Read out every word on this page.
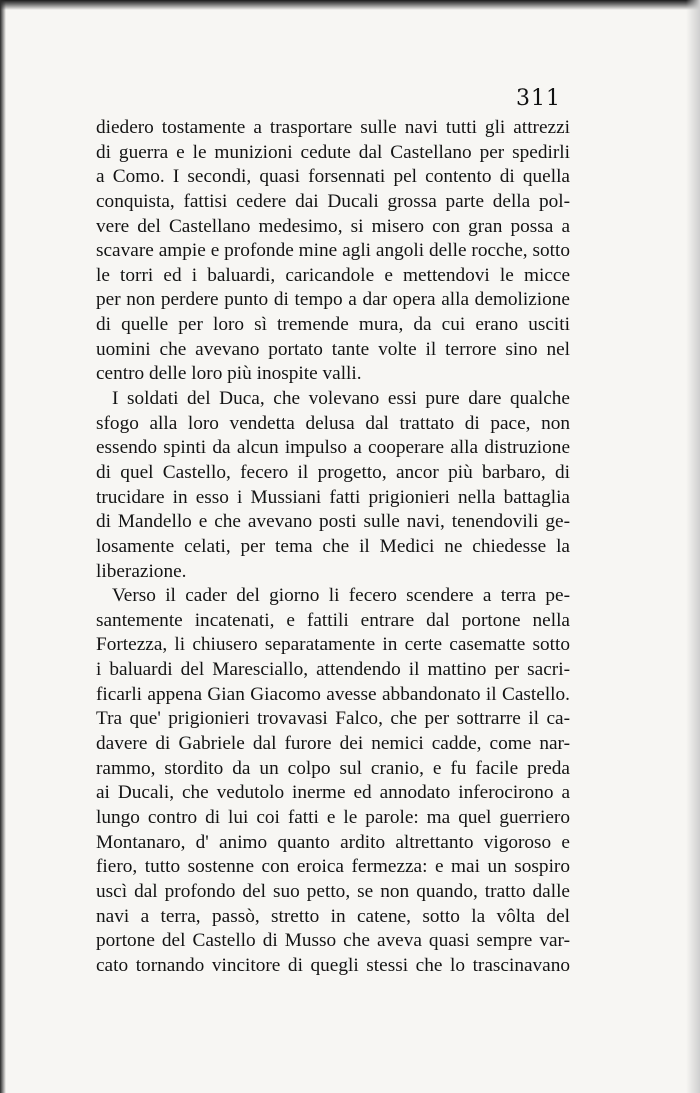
311
diedero tostamente a trasportare sulle navi tutti gli attrezzi
di guerra e le munizioni cedute dal Castellano per spedirli
a Como. I secondi, quasi forsennati pel contento di quella
conquista, fattisi cedere dai Ducali grossa parte della pol-
vere del Castellano medesimo, si misero con gran possa a
scavare ampie e profonde mine agli angoli delle rocche, sotto
le torri ed i baluardi, caricandole e mettendovi le micce
per non perdere punto di tempo a dar opera alla demolizione
di quelle per loro sì tremende mura, da cui erano usciti
uomini che avevano portato tante volte il terrore sino nel
centro delle loro più inospite valli.
I soldati del Duca, che volevano essi pure dare qualche
sfogo alla loro vendetta delusa dal trattato di pace, non
essendo spinti da alcun impulso a cooperare alla distruzione
di quel Castello, fecero il progetto, ancor più barbaro, di
trucidare in esso i Mussiani fatti prigionieri nella battaglia
di Mandello e che avevano posti sulle navi, tenendovili ge-
losamente celati, per tema che il Medici ne chiedesse la
liberazione.
Verso il cader del giorno li fecero scendere a terra pe-
santemente incatenati, e fattili entrare dal portone nella
Fortezza, li chiusero separatamente in certe casematte sotto
i baluardi del Maresciallo, attendendo il mattino per sacri-
ficarli appena Gian Giacomo avesse abbandonato il Castello.
Tra que' prigionieri trovavasi Falco, che per sottrarre il ca-
davere di Gabriele dal furore dei nemici cadde, come nar-
rammo, stordito da un colpo sul cranio, e fu facile preda
ai Ducali, che vedutolo inerme ed annodato inferocirono a
lungo contro di lui coi fatti e le parole: ma quel guerriero
Montanaro, d' animo quanto ardito altrettanto vigoroso e
fiero, tutto sostenne con eroica fermezza: e mai un sospiro
uscì dal profondo del suo petto, se non quando, tratto dalle
navi a terra, passò, stretto in catene, sotto la vôlta del
portone del Castello di Musso che aveva quasi sempre var-
cato tornando vincitore di quegli stessi che lo trascinavano
